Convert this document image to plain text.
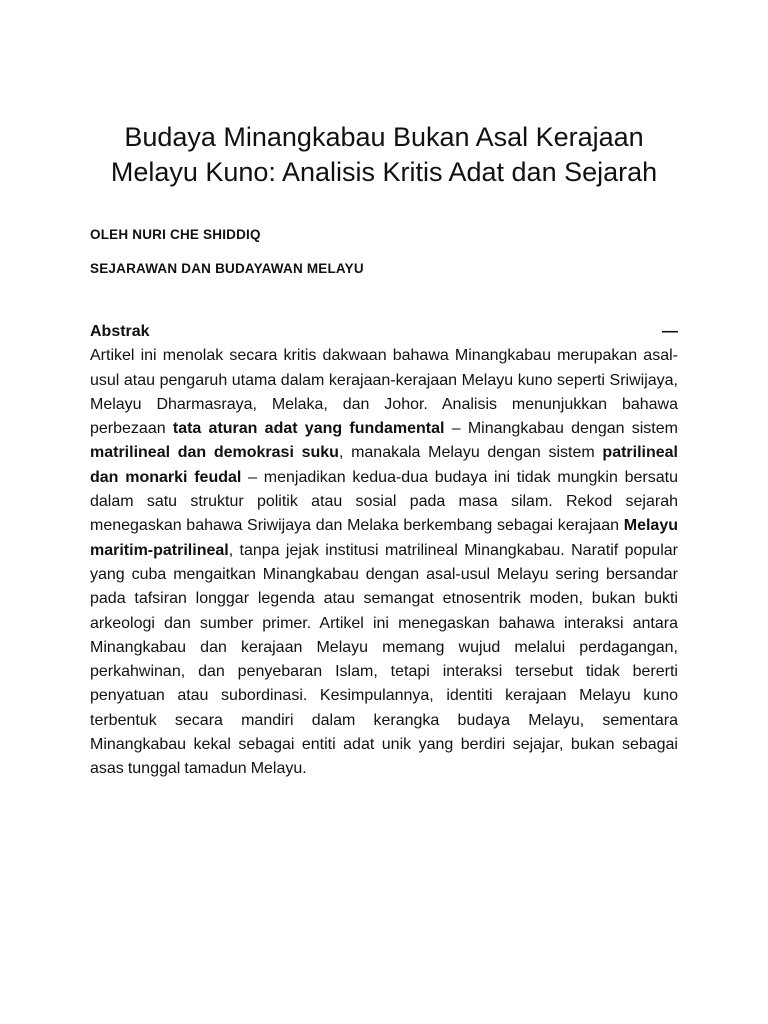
Budaya Minangkabau Bukan Asal Kerajaan
Melayu Kuno: Analisis Kritis Adat dan Sejarah

OLEH NURI CHE SHIDDIQ

SEJARAWAN DAN BUDAYAWAN MELAYU

Abstrak	—
Artikel ini menolak secara kritis dakwaan bahawa Minangkabau merupakan asal-usul atau pengaruh utama dalam kerajaan-kerajaan Melayu kuno seperti Sriwijaya, Melayu Dharmasraya, Melaka, dan Johor. Analisis menunjukkan bahawa perbezaan tata aturan adat yang fundamental – Minangkabau dengan sistem matrilineal dan demokrasi suku, manakala Melayu dengan sistem patrilineal dan monarki feudal – menjadikan kedua-dua budaya ini tidak mungkin bersatu dalam satu struktur politik atau sosial pada masa silam. Rekod sejarah menegaskan bahawa Sriwijaya dan Melaka berkembang sebagai kerajaan Melayu maritim-patrilineal, tanpa jejak institusi matrilineal Minangkabau. Naratif popular yang cuba mengaitkan Minangkabau dengan asal-usul Melayu sering bersandar pada tafsiran longgar legenda atau semangat etnosentrik moden, bukan bukti arkeologi dan sumber primer. Artikel ini menegaskan bahawa interaksi antara Minangkabau dan kerajaan Melayu memang wujud melalui perdagangan, perkahwinan, dan penyebaran Islam, tetapi interaksi tersebut tidak bererti penyatuan atau subordinasi. Kesimpulannya, identiti kerajaan Melayu kuno terbentuk secara mandiri dalam kerangka budaya Melayu, sementara Minangkabau kekal sebagai entiti adat unik yang berdiri sejajar, bukan sebagai asas tunggal tamadun Melayu.
